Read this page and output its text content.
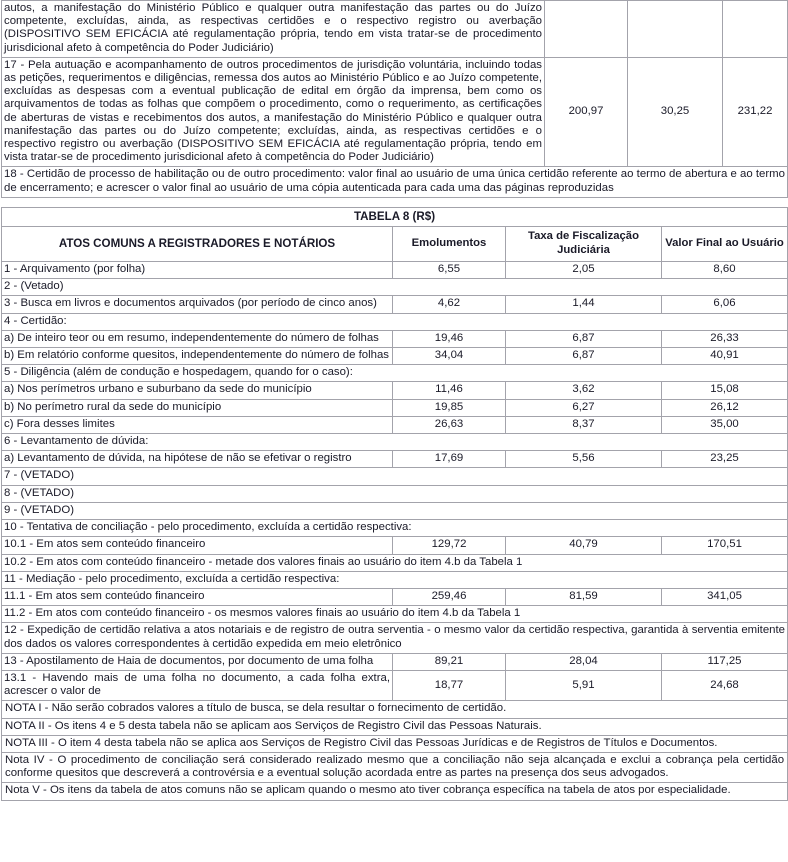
autos, a manifestação do Ministério Público e qualquer outra manifestação das partes ou do Juízo competente, excluídas, ainda, as respectivas certidões e o respectivo registro ou averbação (DISPOSITIVO SEM EFICÁCIA até regulamentação própria, tendo em vista tratar-se de procedimento jurisdicional afeto à competência do Poder Judiciário)			
17 - Pela autuação e acompanhamento de outros procedimentos de jurisdição voluntária, incluindo todas as petições, requerimentos e diligências, remessa dos autos ao Ministério Público e ao Juízo competente, excluídas as despesas com a eventual publicação de edital em órgão da imprensa, bem como os arquivamentos de todas as folhas que compõem o procedimento, como o requerimento, as certificações de aberturas de vistas e recebimentos dos autos, a manifestação do Ministério Público e qualquer outra manifestação das partes ou do Juízo competente; excluídas, ainda, as respectivas certidões e o respectivo registro ou averbação (DISPOSITIVO SEM EFICÁCIA até regulamentação própria, tendo em vista tratar-se de procedimento jurisdicional afeto à competência do Poder Judiciário)	200,97	30,25	231,22
18 - Certidão de processo de habilitação ou de outro procedimento: valor final ao usuário de uma única certidão referente ao termo de abertura e ao termo de encerramento; e acrescer o valor final ao usuário de uma cópia autenticada para cada uma das páginas reproduzidas			
TABELA 8 (R$)			
ATOS COMUNS A REGISTRADORES E NOTÁRIOS	Emolumentos	Taxa de Fiscalização Judiciária	Valor Final ao Usuário
1 - Arquivamento (por folha)	6,55	2,05	8,60
2 - (Vetado)			
3 - Busca em livros e documentos arquivados (por período de cinco anos)	4,62	1,44	6,06
4 - Certidão:			
a) De inteiro teor ou em resumo, independentemente do número de folhas	19,46	6,87	26,33
b) Em relatório conforme quesitos, independentemente do número de folhas	34,04	6,87	40,91
5 - Diligência (além de condução e hospedagem, quando for o caso):			
a) Nos perímetros urbano e suburbano da sede do município	11,46	3,62	15,08
b) No perímetro rural da sede do município	19,85	6,27	26,12
c) Fora desses limites	26,63	8,37	35,00
6 - Levantamento de dúvida:			
a) Levantamento de dúvida, na hipótese de não se efetivar o registro	17,69	5,56	23,25
7 - (VETADO)			
8 - (VETADO)			
9 - (VETADO)			
10 - Tentativa de conciliação - pelo procedimento, excluída a certidão respectiva:			
10.1 - Em atos sem conteúdo financeiro	129,72	40,79	170,51
10.2 - Em atos com conteúdo financeiro - metade dos valores finais ao usuário do item 4.b da Tabela 1			
11 - Mediação - pelo procedimento, excluída a certidão respectiva:			
11.1 - Em atos sem conteúdo financeiro	259,46	81,59	341,05
11.2 - Em atos com conteúdo financeiro - os mesmos valores finais ao usuário do item 4.b da Tabela 1			
12 - Expedição de certidão relativa a atos notariais e de registro de outra serventia - o mesmo valor da certidão respectiva, garantida à serventia emitente dos dados os valores correspondentes à certidão expedida em meio eletrônico			
13 - Apostilamento de Haia de documentos, por documento de uma folha	89,21	28,04	117,25
13.1 - Havendo mais de uma folha no documento, a cada folha extra, acrescer o valor de	18,77	5,91	24,68
NOTA I - Não serão cobrados valores a título de busca, se dela resultar o fornecimento de certidão.			
NOTA II - Os itens 4 e 5 desta tabela não se aplicam aos Serviços de Registro Civil das Pessoas Naturais.			
NOTA III - O item 4 desta tabela não se aplica aos Serviços de Registro Civil das Pessoas Jurídicas e de Registros de Títulos e Documentos.			
Nota IV - O procedimento de conciliação será considerado realizado mesmo que a conciliação não seja alcançada e exclui a cobrança pela certidão conforme quesitos que descreverá a controvérsia e a eventual solução acordada entre as partes na presença dos seus advogados.			
Nota V - Os itens da tabela de atos comuns não se aplicam quando o mesmo ato tiver cobrança específica na tabela de atos por especialidade.			
